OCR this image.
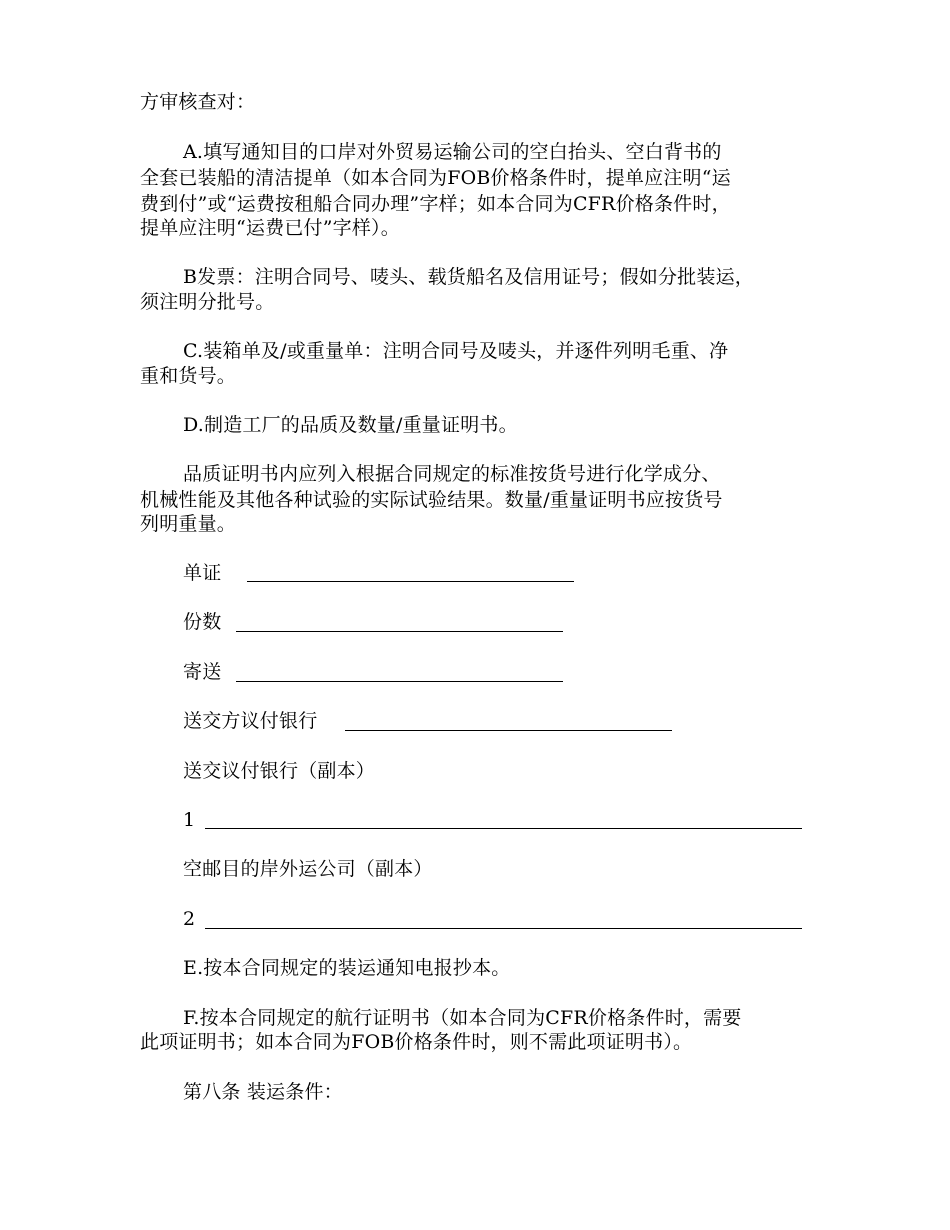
方审核查对：
A.填写通知目的口岸对外贸易运输公司的空白抬头、空白背书的
全套已装船的清洁提单（如本合同为FOB价格条件时，提单应注明“运
费到付”或“运费按租船合同办理”字样；如本合同为CFR价格条件时，
提单应注明“运费已付”字样）。
B发票：注明合同号、唛头、载货船名及信用证号；假如分批装运，
须注明分批号。
C.装箱单及/或重量单：注明合同号及唛头，并逐件列明毛重、净
重和货号。
D.制造工厂的品质及数量/重量证明书。
品质证明书内应列入根据合同规定的标准按货号进行化学成分、
机械性能及其他各种试验的实际试验结果。数量/重量证明书应按货号
列明重量。
单证
份数
寄送
送交方议付银行
送交议付银行（副本）
1
空邮目的岸外运公司（副本）
2
E.按本合同规定的装运通知电报抄本。
F.按本合同规定的航行证明书（如本合同为CFR价格条件时，需要
此项证明书；如本合同为FOB价格条件时，则不需此项证明书）。
第八条 装运条件：
